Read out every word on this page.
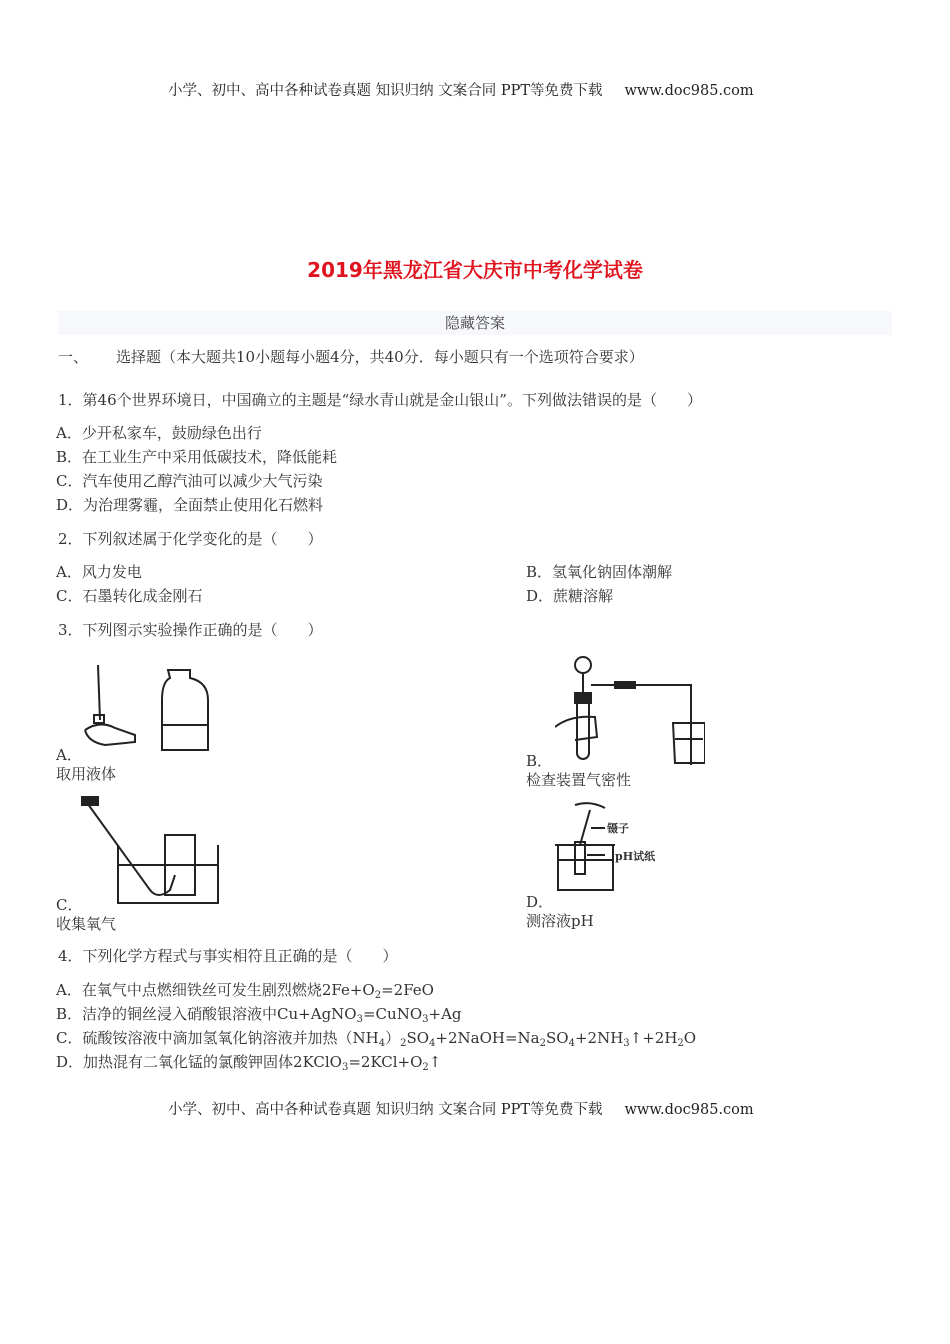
小学、初中、高中各种试卷真题 知识归纳 文案合同 PPT等免费下载 www.doc985.com
2019年黑龙江省大庆市中考化学试卷
隐藏答案
一、 选择题（本大题共10小题每小题4分，共40分．每小题只有一个选项符合要求）
1．第46个世界环境日，中国确立的主题是“绿水青山就是金山银山”。下列做法错误的是（　　）
A．少开私家车，鼓励绿色出行
B．在工业生产中采用低碳技术，降低能耗
C．汽车使用乙醇汽油可以减少大气污染
D．为治理雾霾，全面禁止使用化石燃料
2．下列叙述属于化学变化的是（　　）
A．风力发电	B．氢氧化钠固体潮解
C．石墨转化成金刚石	D．蔗糖溶解
3．下列图示实验操作正确的是（　　）
A．
取用液体
B．
检查装置气密性
C．
收集氧气
镊子
pH试纸
D．
测溶液pH
4．下列化学方程式与事实相符且正确的是（　　）
A．在氧气中点燃细铁丝可发生剧烈燃烧$2Fe+O_2=2FeO$
B．洁净的铜丝浸入硝酸银溶液中Cu+AgNO$_3$=CuNO$_3$+Ag
C．硫酸铵溶液中滴加氢氧化钠溶液并加热$(NH_4)_2SO_4+2NaOH=Na_2SO_4+2NH_3↑+2H_2O$
D．加热混有二氧化锰的氯酸钾固体$2KClO_3=2KCl+O_2↑$
小学、初中、高中各种试卷真题 知识归纳 文案合同 PPT等免费下载 www.doc985.com
